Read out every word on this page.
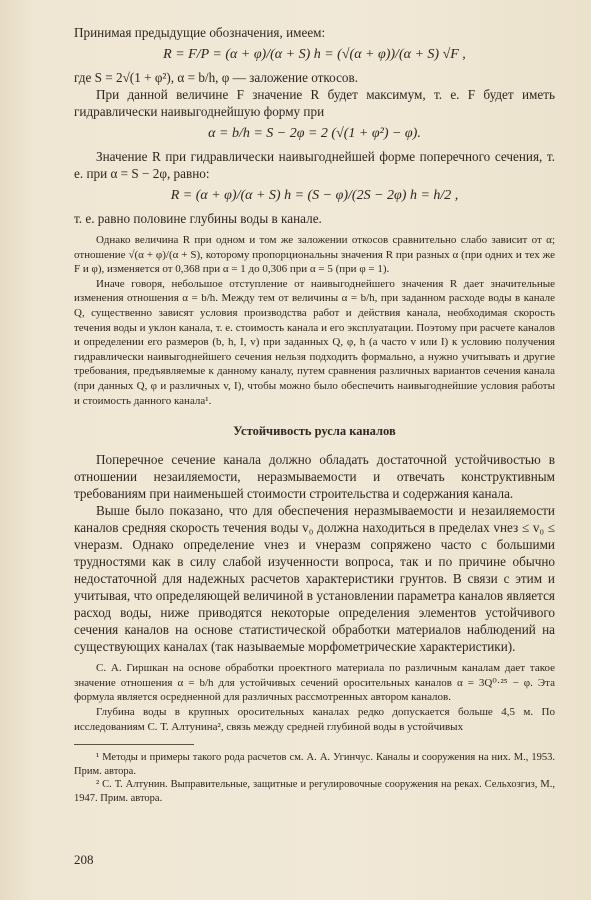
Принимая предыдущие обозначения, имеем:

R = F/P = (α + φ)/(α + S) h = (√(α + φ))/(α + S) √F ,

где S = 2√(1 + φ²), α = b/h, φ — заложение откосов.

При данной величине F значение R будет максимум, т. е. F будет иметь гидравлически наивыгоднейшую форму при

α = b/h = S − 2φ = 2 (√(1 + φ²) − φ).

Значение R при гидравлически наивыгоднейшей форме поперечного сечения, т. е. при α = S − 2φ, равно:

R = (α + φ)/(α + S) h = (S − φ)/(2S − 2φ) h = h/2 ,

т. е. равно половине глубины воды в канале.

Однако величина R при одном и том же заложении откосов сравнительно слабо зависит от α; отношение √(α + φ)/(α + S), которому пропорциональны значения R при разных α (при одних и тех же F и φ), изменяется от 0,368 при α = 1 до 0,306 при α = 5 (при φ = 1).

Иначе говоря, небольшое отступление от наивыгоднейшего значения R дает значительные изменения отношения α = b/h. Между тем от величины α = b/h, при заданном расходе воды в канале Q, существенно зависят условия производства работ и действия канала, необходимая скорость течения воды и уклон канала, т. е. стоимость канала и его эксплуатации. Поэтому при расчете каналов и определении его размеров (b, h, I, v) при заданных Q, φ, h (а часто v или I) к условию получения гидравлически наивыгоднейшего сечения нельзя подходить формально, а нужно учитывать и другие требования, предъявляемые к данному каналу, путем сравнения различных вариантов сечения канала (при данных Q, φ и различных v, I), чтобы можно было обеспечить наивыгоднейшие условия работы и стоимость данного канала¹.

Устойчивость русла каналов

Поперечное сечение канала должно обладать достаточной устойчивостью в отношении незаиляемости, неразмываемости и отвечать конструктивным требованиям при наименьшей стоимости строительства и содержания канала.

Выше было показано, что для обеспечения неразмываемости и незаиляемости каналов средняя скорость течения воды v₀ должна находиться в пределах vнез ≤ v₀ ≤ vнеразм. Однако определение vнез и vнеразм сопряжено часто с большими трудностями как в силу слабой изученности вопроса, так и по причине обычно недостаточной для надежных расчетов характеристики грунтов. В связи с этим и учитывая, что определяющей величиной в установлении параметра каналов является расход воды, ниже приводятся некоторые определения элементов устойчивого сечения каналов на основе статистической обработки материалов наблюдений на существующих каналах (так называемые морфометрические характеристики).

С. А. Гиршкан на основе обработки проектного материала по различным каналам дает такое значение отношения α = b/h для устойчивых сечений оросительных каналов α = 3Q⁰·²⁵ − φ. Эта формула является осредненной для различных рассмотренных автором каналов.

Глубина воды в крупных оросительных каналах редко допускается больше 4,5 м. По исследованиям С. Т. Алтунина², связь между средней глубиной воды в устойчивых

¹ Методы и примеры такого рода расчетов см. А. А. Угинчус. Каналы и сооружения на них. М., 1953. Прим. автора.

² С. Т. Алтунин. Выправительные, защитные и регулировочные сооружения на реках. Сельхозгиз, М., 1947. Прим. автора.

208
